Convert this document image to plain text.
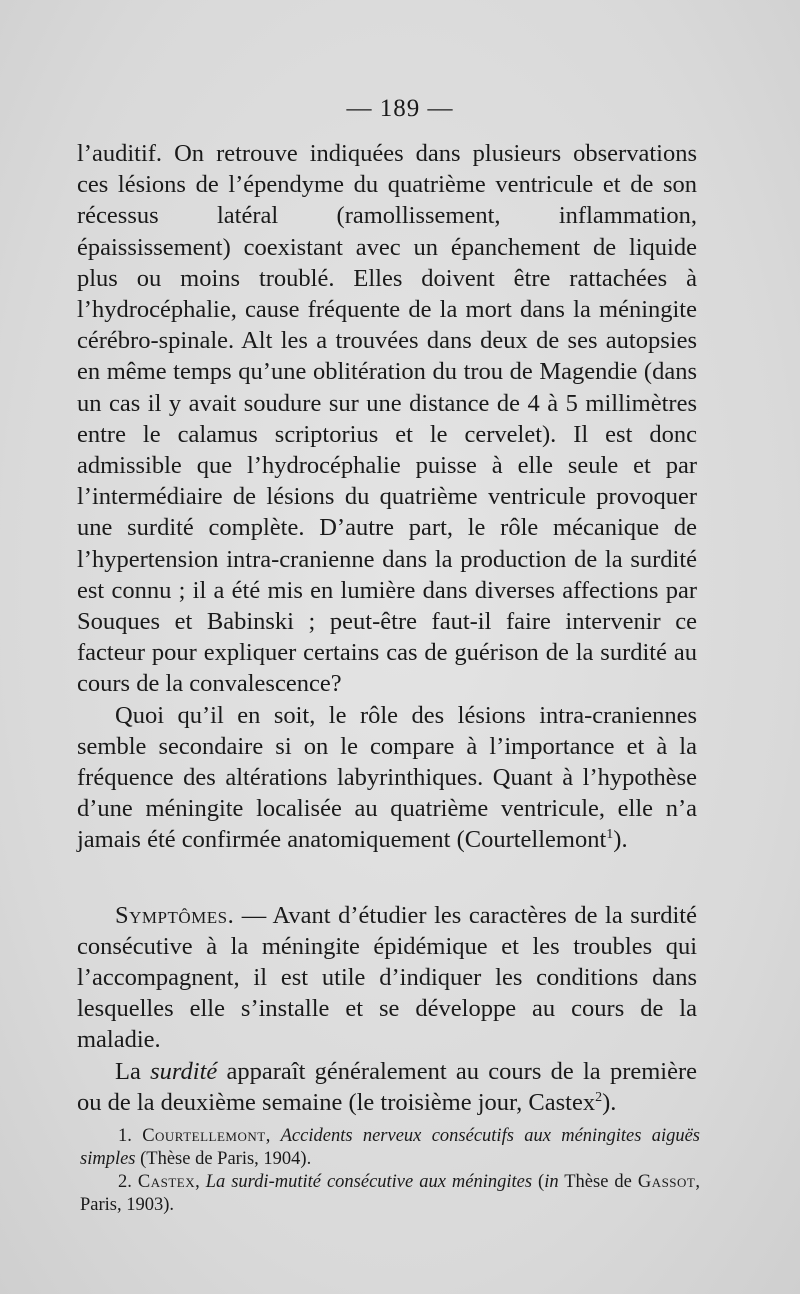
— 189 —

l’auditif. On retrouve indiquées dans plusieurs observations ces lésions de l’épendyme du quatrième ventricule et de son récessus latéral (ramollissement, inflammation, épaississement) coexistant avec un épanchement de liquide plus ou moins troublé. Elles doivent être rattachées à l’hydrocéphalie, cause fréquente de la mort dans la méningite cérébro-spinale. Alt les a trouvées dans deux de ses autopsies en même temps qu’une oblitération du trou de Magendie (dans un cas il y avait soudure sur une distance de 4 à 5 millimètres entre le calamus scriptorius et le cervelet). Il est donc admissible que l’hydrocéphalie puisse à elle seule et par l’intermédiaire de lésions du quatrième ventricule provoquer une surdité complète. D’autre part, le rôle mécanique de l’hypertension intra-cranienne dans la production de la surdité est connu ; il a été mis en lumière dans diverses affections par Souques et Babinski ; peut-être faut-il faire intervenir ce facteur pour expliquer certains cas de guérison de la surdité au cours de la convalescence?

Quoi qu’il en soit, le rôle des lésions intra-craniennes semble secondaire si on le compare à l’importance et à la fréquence des altérations labyrinthiques. Quant à l’hypothèse d’une méningite localisée au quatrième ventricule, elle n’a jamais été confirmée anatomiquement (Courtellemont$^1$).

Symptômes. — Avant d’étudier les caractères de la surdité consécutive à la méningite épidémique et les troubles qui l’accompagnent, il est utile d’indiquer les conditions dans lesquelles elle s’installe et se développe au cours de la maladie.

La surdité apparaît généralement au cours de la première ou de la deuxième semaine (le troisième jour, Castex$^2$).

1. Courtellemont, Accidents nerveux consécutifs aux méningites aiguës simples (Thèse de Paris, 1904).

2. Castex, La surdi-mutité consécutive aux méningites (in Thèse de Gassot, Paris, 1903).
